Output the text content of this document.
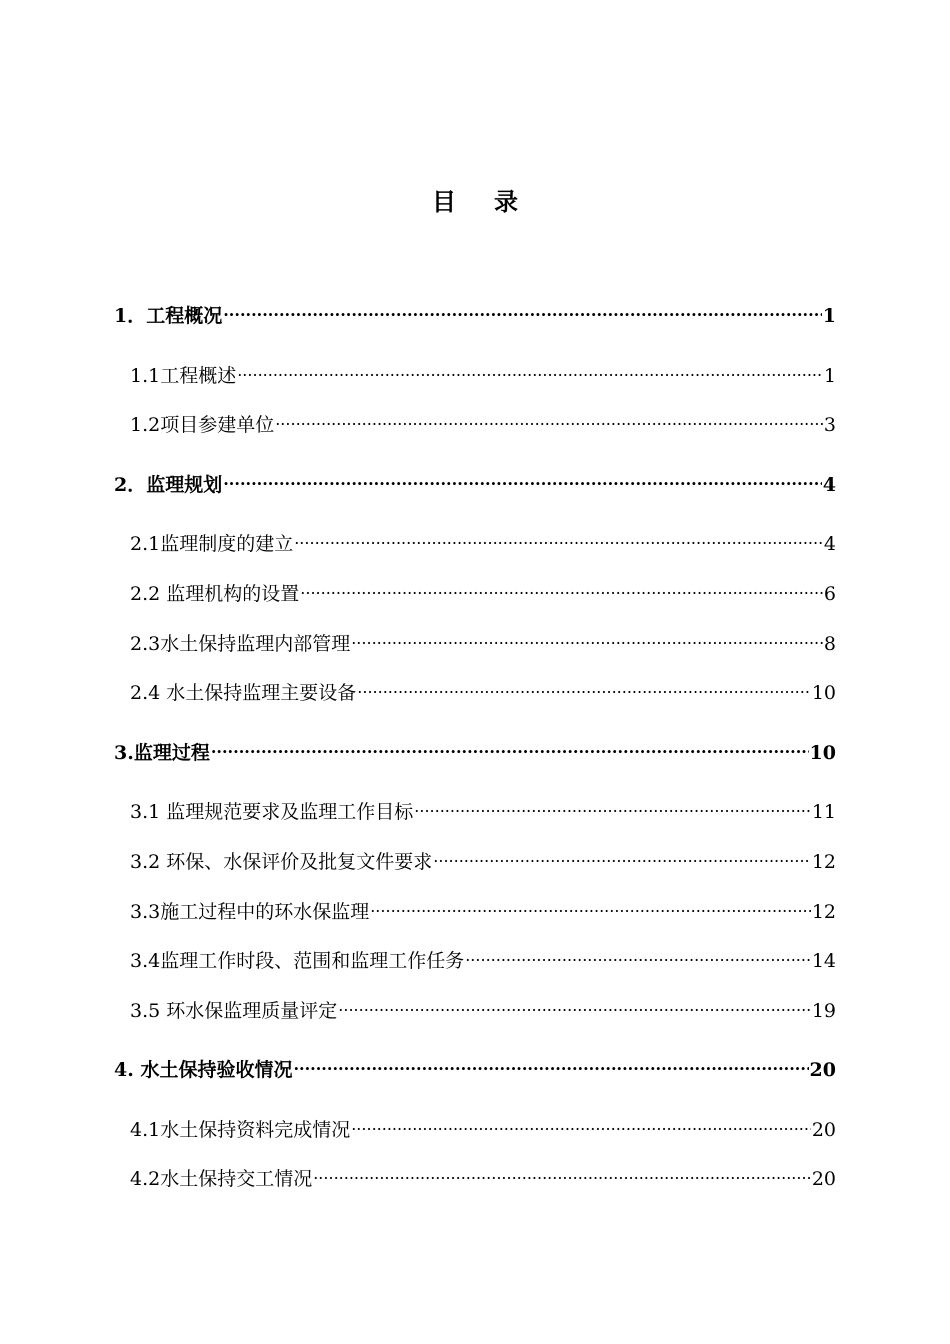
目录
1．工程概况 .....	1
1.1工程概述 .....	1
1.2项目参建单位 .....	3
2．监理规划 .....	4
2.1监理制度的建立 .....	4
2.2 监理机构的设置 .....	6
2.3水土保持监理内部管理 .....	8
2.4 水土保持监理主要设备 .....	10
3.监理过程 .....	10
3.1 监理规范要求及监理工作目标 .....	11
3.2 环保、水保评价及批复文件要求 .....	12
3.3施工过程中的环水保监理 .....	12
3.4监理工作时段、范围和监理工作任务 .....	14
3.5 环水保监理质量评定 .....	19
4. 水土保持验收情况 .....	20
4.1水土保持资料完成情况 .....	20
4.2水土保持交工情况 .....	20
